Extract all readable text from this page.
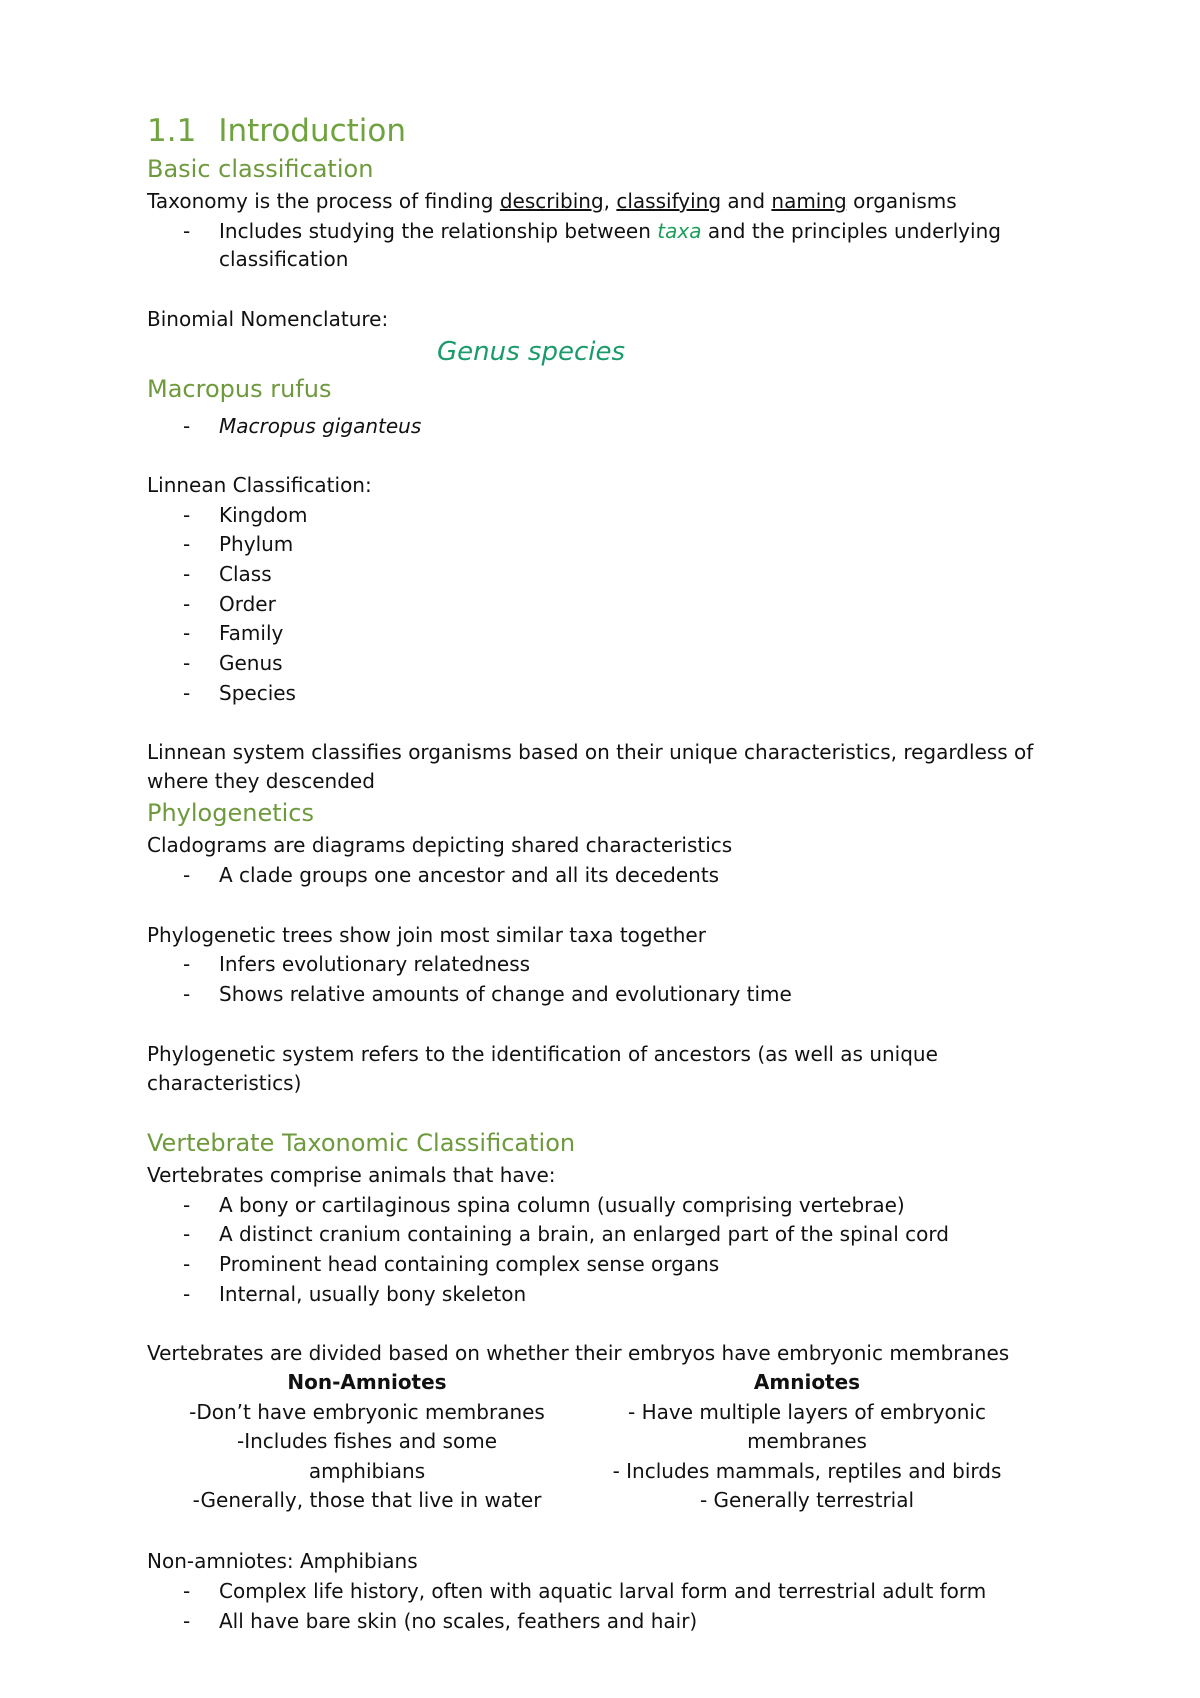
1.1 Introduction
Basic classification
Taxonomy is the process of finding describing, classifying and naming organisms
- Includes studying the relationship between taxa and the principles underlying
classification
Binomial Nomenclature:
Genus species
Macropus rufus
- Macropus giganteus
Linnean Classification:
- Kingdom
- Phylum
- Class
- Order
- Family
- Genus
- Species
Linnean system classifies organisms based on their unique characteristics, regardless of
where they descended
Phylogenetics
Cladograms are diagrams depicting shared characteristics
- A clade groups one ancestor and all its decedents
Phylogenetic trees show join most similar taxa together
- Infers evolutionary relatedness
- Shows relative amounts of change and evolutionary time
Phylogenetic system refers to the identification of ancestors (as well as unique
characteristics)
Vertebrate Taxonomic Classification
Vertebrates comprise animals that have:
- A bony or cartilaginous spina column (usually comprising vertebrae)
- A distinct cranium containing a brain, an enlarged part of the spinal cord
- Prominent head containing complex sense organs
- Internal, usually bony skeleton
Vertebrates are divided based on whether their embryos have embryonic membranes
Non-Amniotes
-Don’t have embryonic membranes
-Includes fishes and some
amphibians
-Generally, those that live in water
Amniotes
- Have multiple layers of embryonic
membranes
- Includes mammals, reptiles and birds
- Generally terrestrial
Non-amniotes: Amphibians
- Complex life history, often with aquatic larval form and terrestrial adult form
- All have bare skin (no scales, feathers and hair)
